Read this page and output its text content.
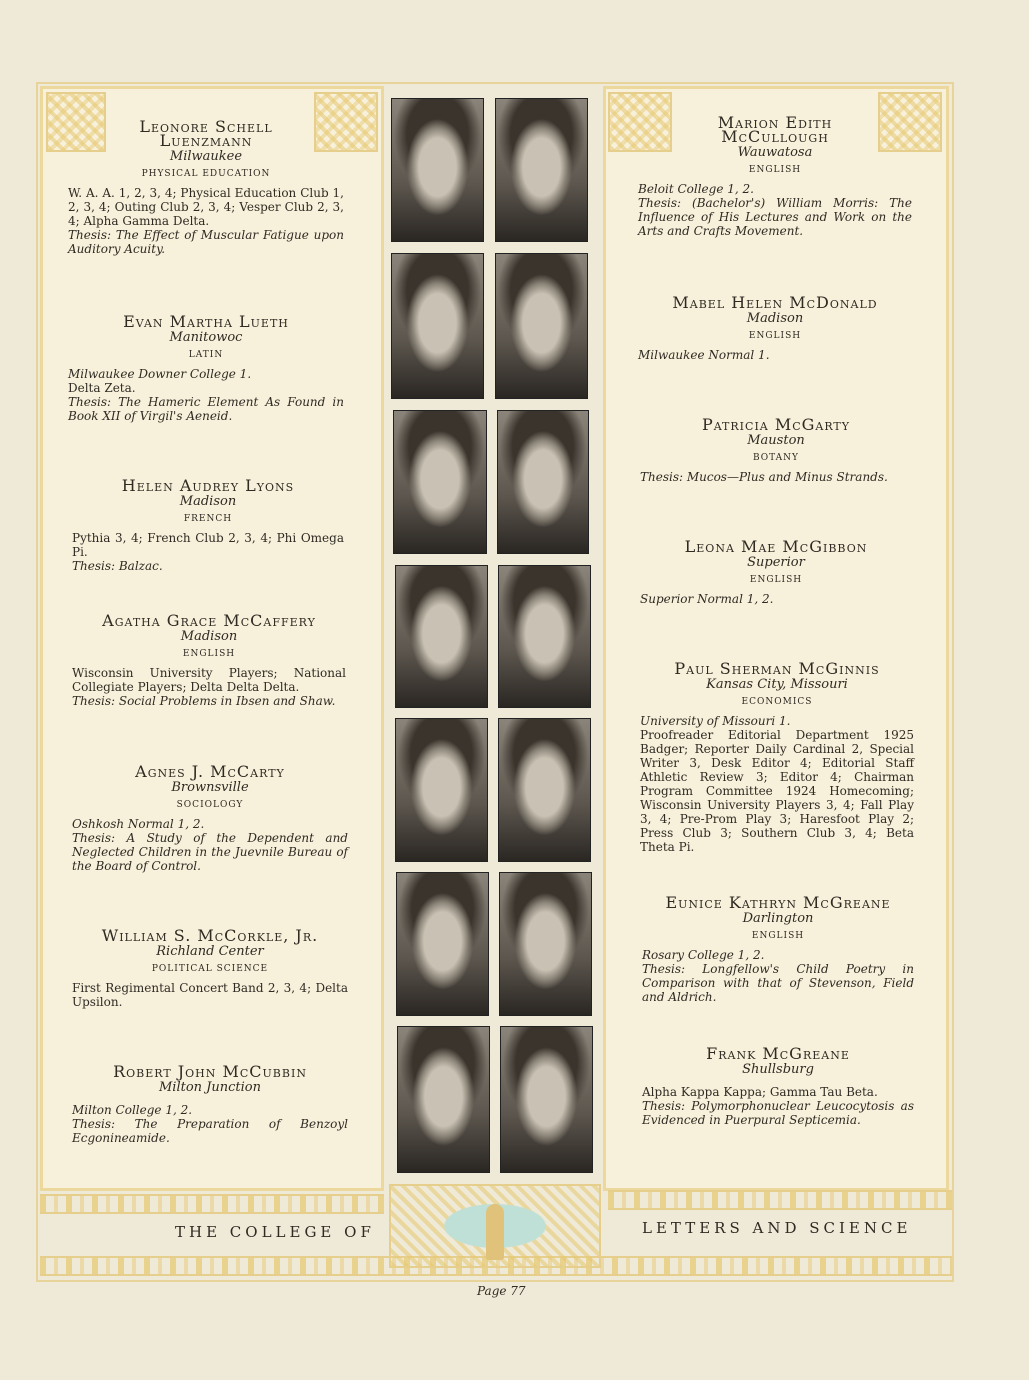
Leonore Schell Luenzmann
Milwaukee
PHYSICAL EDUCATION
W. A. A. 1, 2, 3, 4; Physical Education Club 1, 2, 3, 4; Outing Club 2, 3, 4; Vesper Club 2, 3, 4; Alpha Gamma Delta.
Thesis: The Effect of Muscular Fatigue upon Auditory Acuity.
Evan Martha Lueth
Manitowoc
LATIN
Milwaukee Downer College 1.
Delta Zeta.
Thesis: The Hameric Element As Found in Book XII of Virgil's Aeneid.
Helen Audrey Lyons
Madison
FRENCH
Pythia 3, 4; French Club 2, 3, 4; Phi Omega Pi.
Thesis: Balzac.
Agatha Grace McCaffery
Madison
ENGLISH
Wisconsin University Players; National Collegiate Players; Delta Delta Delta.
Thesis: Social Problems in Ibsen and Shaw.
Agnes J. McCarty
Brownsville
SOCIOLOGY
Oshkosh Normal 1, 2.
Thesis: A Study of the Dependent and Neglected Children in the Juevnile Bureau of the Board of Control.
William S. McCorkle, Jr.
Richland Center
POLITICAL SCIENCE
First Regimental Concert Band 2, 3, 4; Delta Upsilon.
Robert John McCubbin
Milton Junction
Milton College 1, 2.
Thesis: The Preparation of Benzoyl Ecgonineamide.
Marion Edith McCullough
Wauwatosa
ENGLISH
Beloit College 1, 2.
Thesis: (Bachelor's) William Morris: The Influence of His Lectures and Work on the Arts and Crafts Movement.
Mabel Helen McDonald
Madison
ENGLISH
Milwaukee Normal 1.
Patricia McGarty
Mauston
BOTANY
Thesis: Mucos—Plus and Minus Strands.
Leona Mae McGibbon
Superior
ENGLISH
Superior Normal 1, 2.
Paul Sherman McGinnis
Kansas City, Missouri
ECONOMICS
University of Missouri 1.
Proofreader Editorial Department 1925 Badger; Reporter Daily Cardinal 2, Special Writer 3, Desk Editor 4; Editorial Staff Athletic Review 3; Editor 4; Chairman Program Committee 1924 Homecoming; Wisconsin University Players 3, 4; Fall Play 3, 4; Pre-Prom Play 3; Haresfoot Play 2; Press Club 3; Southern Club 3, 4; Beta Theta Pi.
Eunice Kathryn McGreane
Darlington
ENGLISH
Rosary College 1, 2.
Thesis: Longfellow's Child Poetry in Comparison with that of Stevenson, Field and Aldrich.
Frank McGreane
Shullsburg
Alpha Kappa Kappa; Gamma Tau Beta.
Thesis: Polymorphonuclear Leucocytosis as Evidenced in Puerpural Septicemia.
THE COLLEGE OF	LETTERS AND SCIENCE
Page 77
